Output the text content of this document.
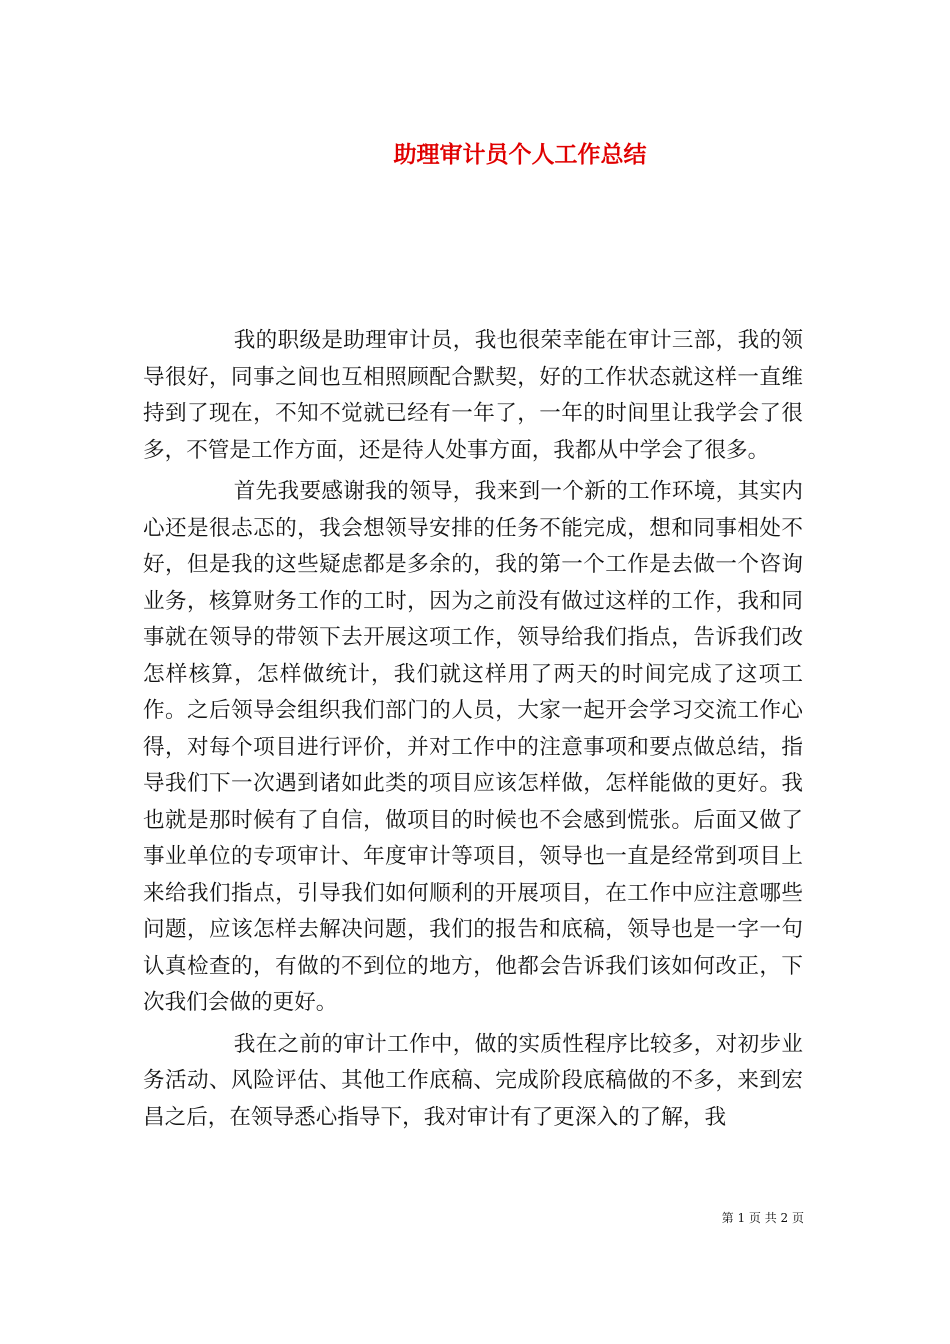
助理审计员个人工作总结

我的职级是助理审计员，我也很荣幸能在审计三部，我的领导很好，同事之间也互相照顾配合默契，好的工作状态就这样一直维持到了现在，不知不觉就已经有一年了，一年的时间里让我学会了很多，不管是工作方面，还是待人处事方面，我都从中学会了很多。

首先我要感谢我的领导，我来到一个新的工作环境，其实内心还是很忐忑的，我会想领导安排的任务不能完成，想和同事相处不好，但是我的这些疑虑都是多余的，我的第一个工作是去做一个咨询业务，核算财务工作的工时，因为之前没有做过这样的工作，我和同事就在领导的带领下去开展这项工作，领导给我们指点，告诉我们改怎样核算，怎样做统计，我们就这样用了两天的时间完成了这项工作。之后领导会组织我们部门的人员，大家一起开会学习交流工作心得，对每个项目进行评价，并对工作中的注意事项和要点做总结，指导我们下一次遇到诸如此类的项目应该怎样做，怎样能做的更好。我也就是那时候有了自信，做项目的时候也不会感到慌张。后面又做了事业单位的专项审计、年度审计等项目，领导也一直是经常到项目上来给我们指点，引导我们如何顺利的开展项目，在工作中应注意哪些问题，应该怎样去解决问题，我们的报告和底稿，领导也是一字一句认真检查的，有做的不到位的地方，他都会告诉我们该如何改正，下次我们会做的更好。

我在之前的审计工作中，做的实质性程序比较多，对初步业务活动、风险评估、其他工作底稿、完成阶段底稿做的不多，来到宏昌之后，在领导悉心指导下，我对审计有了更深入的了解，我

第 1 页 共 2 页
